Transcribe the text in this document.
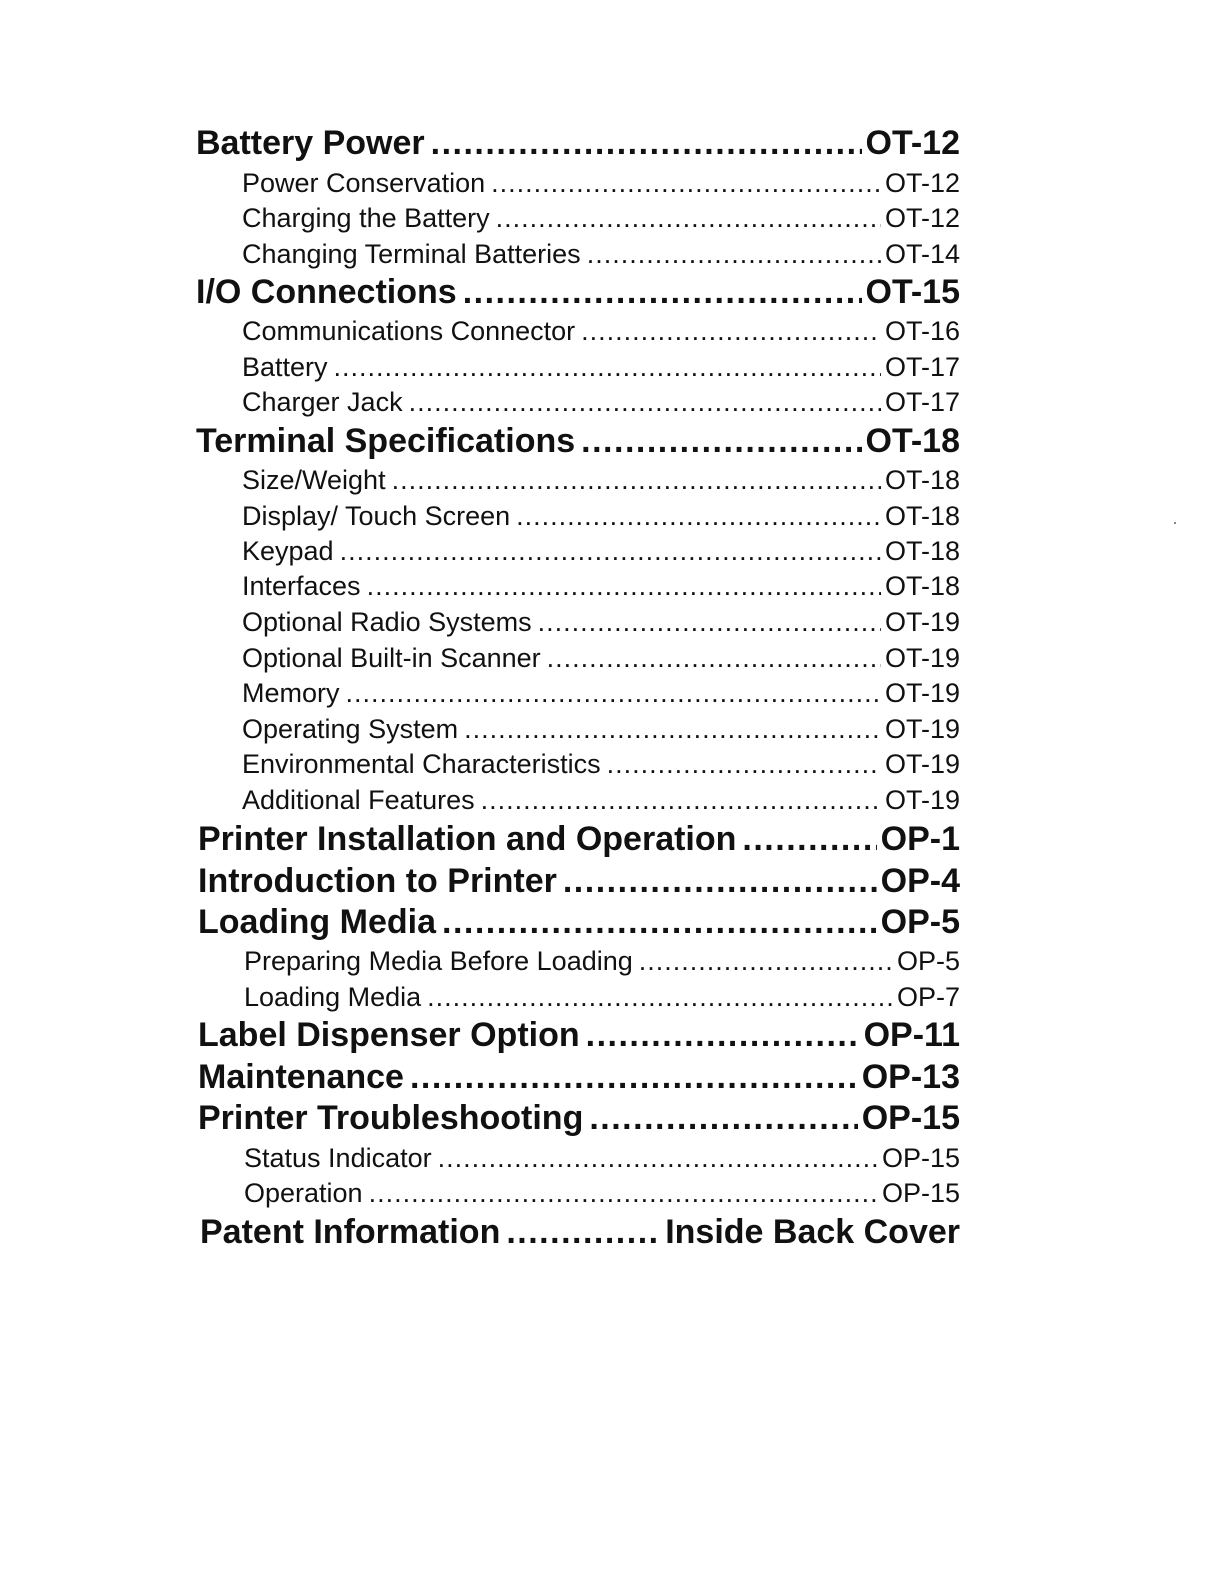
Battery Power .....	OT-12
Power Conservation .....	OT-12
Charging the Battery .....	OT-12
Changing Terminal Batteries .....	OT-14
I/O Connections .....	OT-15
Communications Connector .....	OT-16
Battery .....	OT-17
Charger Jack .....	OT-17
Terminal Specifications .....	OT-18
Size/Weight .....	OT-18
Display/ Touch Screen .....	OT-18
Keypad .....	OT-18
Interfaces .....	OT-18
Optional Radio Systems .....	OT-19
Optional Built-in Scanner .....	OT-19
Memory .....	OT-19
Operating System .....	OT-19
Environmental Characteristics .....	OT-19
Additional Features .....	OT-19
Printer Installation and Operation .....	OP-1
Introduction to Printer .....	OP-4
Loading Media .....	OP-5
Preparing Media Before Loading .....	OP-5
Loading Media .....	OP-7
Label Dispenser Option .....	OP-11
Maintenance .....	OP-13
Printer Troubleshooting .....	OP-15
Status Indicator .....	OP-15
Operation .....	OP-15
Patent Information .....	Inside Back Cover
